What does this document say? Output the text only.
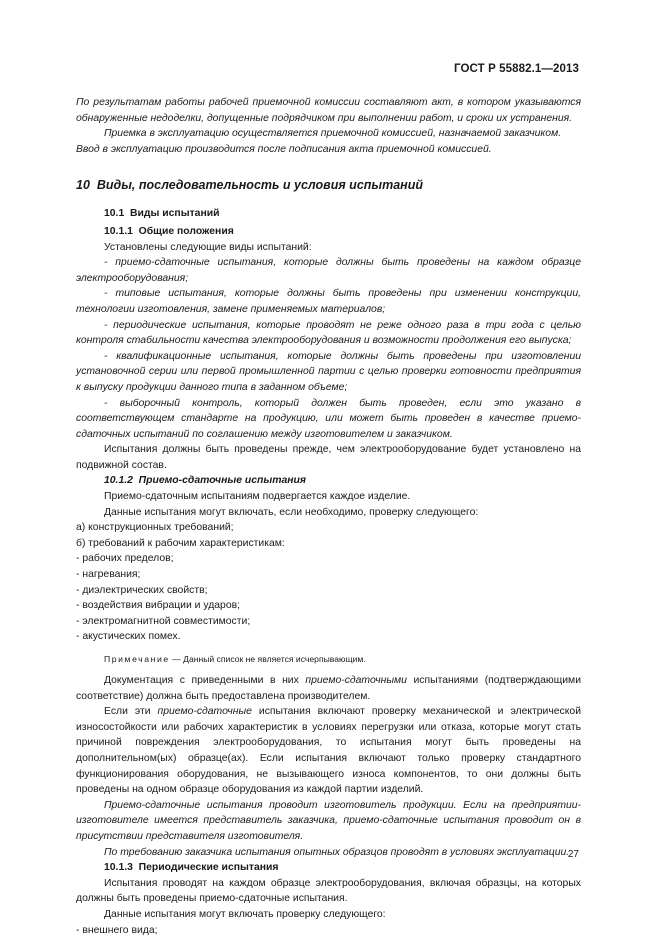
ГОСТ Р 55882.1—2013

По результатам работы рабочей приемочной комиссии составляют акт, в котором указываются обнаруженные недоделки, допущенные подрядчиком при выполнении работ, и сроки их устранения.

Приемка в эксплуатацию осуществляется приемочной комиссией, назначаемой заказчиком.

Ввод в эксплуатацию производится после подписания акта приемочной комиссией.

10 Виды, последовательность и условия испытаний

10.1 Виды испытаний

10.1.1 Общие положения

Установлены следующие виды испытаний:

- приемо-сдаточные испытания, которые должны быть проведены на каждом образце электрооборудования;

- типовые испытания, которые должны быть проведены при изменении конструкции, технологии изготовления, замене применяемых материалов;

- периодические испытания, которые проводят не реже одного раза в три года с целью контроля стабильности качества электрооборудования и возможности продолжения его выпуска;

- квалификационные испытания, которые должны быть проведены при изготовлении установочной серии или первой промышленной партии с целью проверки готовности предприятия к выпуску продукции данного типа в заданном объеме;

- выборочный контроль, который должен быть проведен, если это указано в соответствующем стандарте на продукцию, или может быть проведен в качестве приемо-сдаточных испытаний по соглашению между изготовителем и заказчиком.

Испытания должны быть проведены прежде, чем электрооборудование будет установлено на подвижной состав.

10.1.2 Приемо-сдаточные испытания

Приемо-сдаточным испытаниям подвергается каждое изделие.

Данные испытания могут включать, если необходимо, проверку следующего:

а) конструкционных требований;

б) требований к рабочим характеристикам:

- рабочих пределов;

- нагревания;

- диэлектрических свойств;

- воздействия вибрации и ударов;

- электромагнитной совместимости;

- акустических помех.

Примечание — Данный список не является исчерпывающим.

Документация с приведенными в них приемо-сдаточными испытаниями (подтверждающими соответствие) должна быть предоставлена производителем.

Если эти приемо-сдаточные испытания включают проверку механической и электрической износостойкости или рабочих характеристик в условиях перегрузки или отказа, которые могут стать причиной повреждения электрооборудования, то испытания могут быть проведены на дополнительном(ых) образце(ах). Если испытания включают только проверку стандартного функционирования оборудования, не вызывающего износа компонентов, то они должны быть проведены на одном образце оборудования из каждой партии изделий.

Приемо-сдаточные испытания проводит изготовитель продукции. Если на предприятии-изготовителе имеется представитель заказчика, приемо-сдаточные испытания проводит он в присутствии представителя изготовителя.

По требованию заказчика испытания опытных образцов проводят в условиях эксплуатации.

10.1.3 Периодические испытания

Испытания проводят на каждом образце электрооборудования, включая образцы, на которых должны быть проведены приемо-сдаточные испытания.

Данные испытания могут включать проверку следующего:

- внешнего вида;

27
